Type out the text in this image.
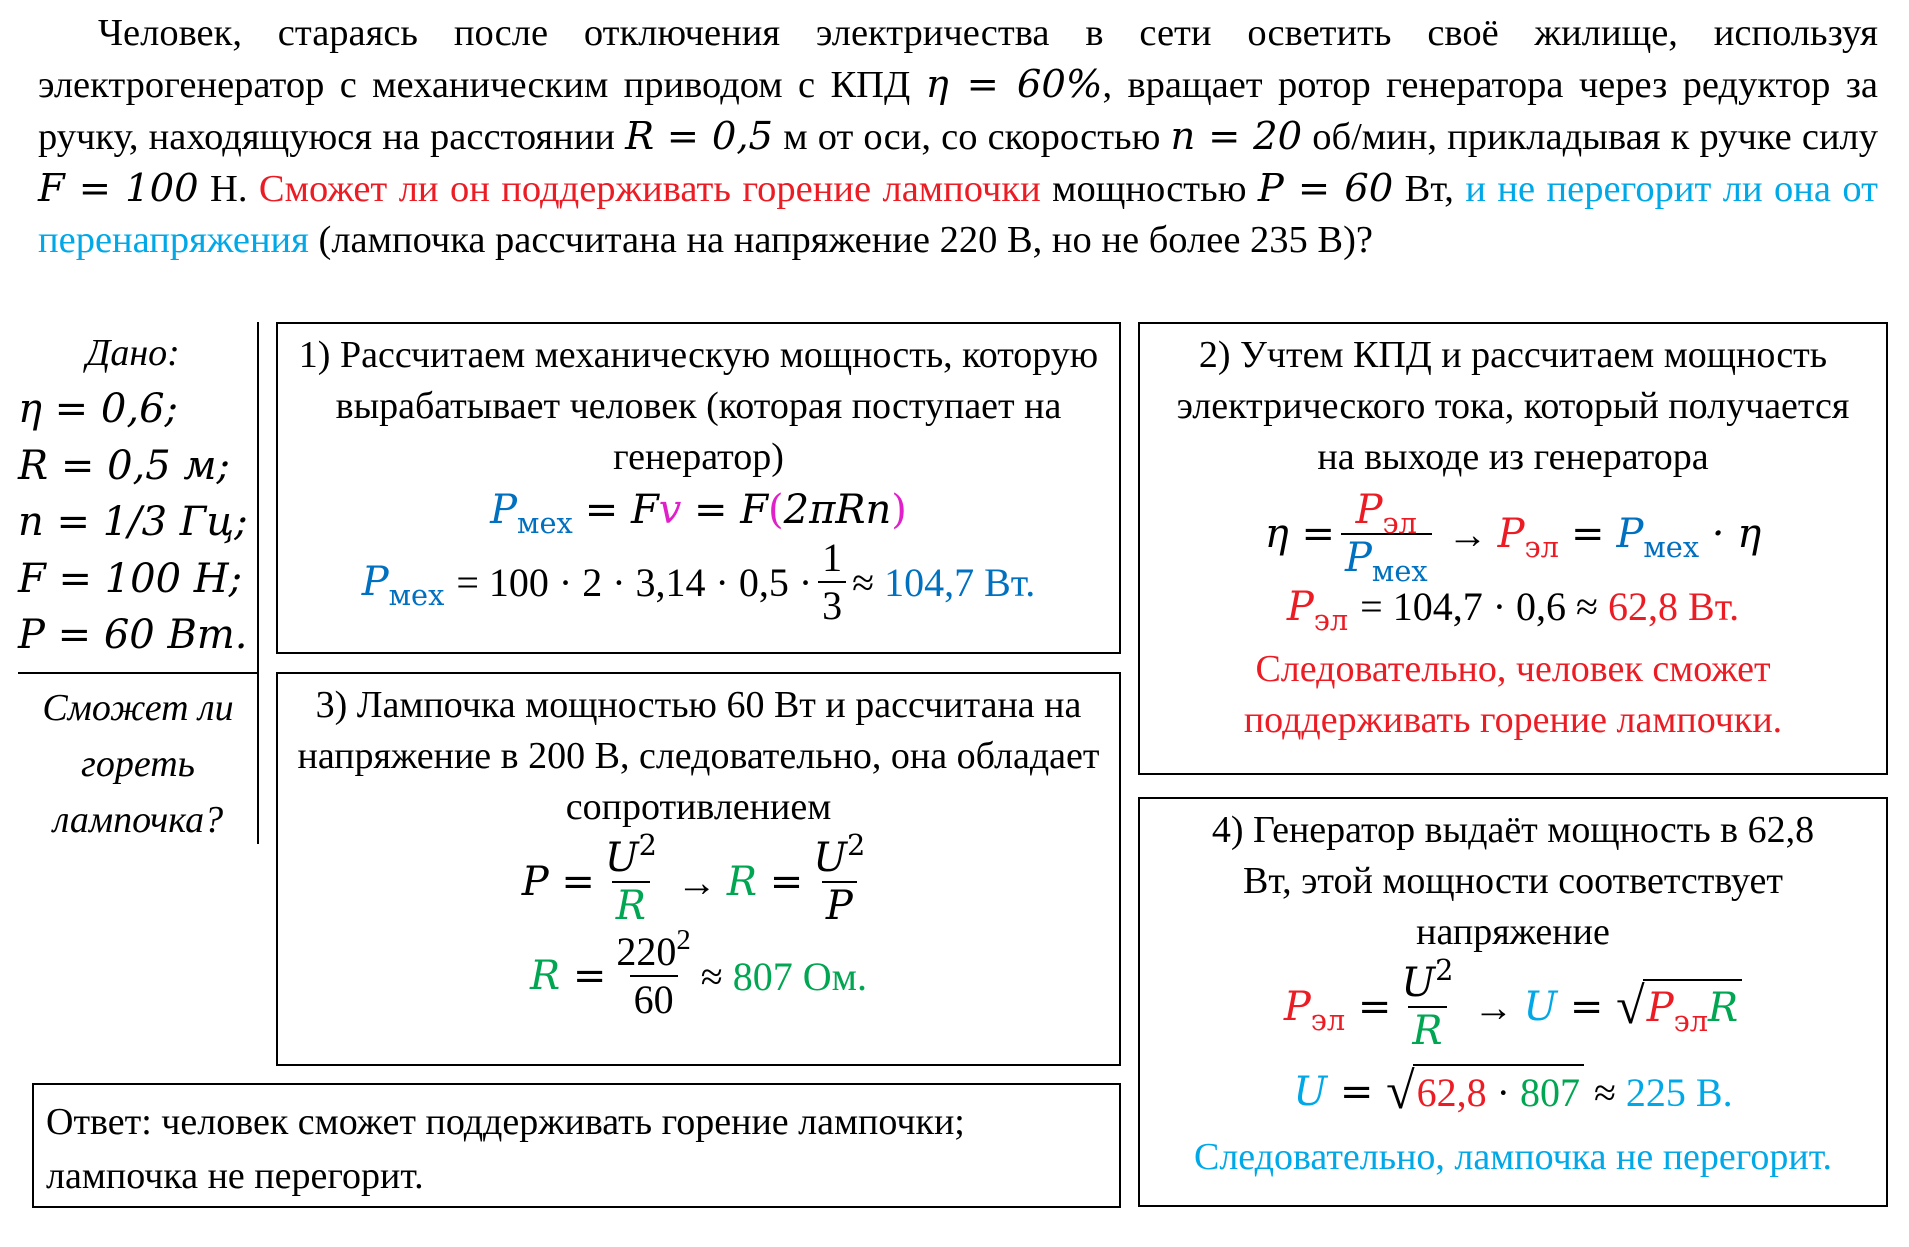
Человек, стараясь после отключения электричества в сети осветить своё жилище, используя электрогенератор с механическим приводом с КПД η = 60%, вращает ротор генератора через редуктор за ручку, находящуюся на расстоянии R = 0,5 м от оси, со скоростью n = 20 об/мин, прикладывая к ручке силу F = 100 Н. Сможет ли он поддерживать горение лампочки мощностью P = 60 Вт, и не перегорит ли она от перенапряжения (лампочка рассчитана на напряжение 220 В, но не более 235 В)?
Дано:
η = 0,6;
R = 0,5 м;
n = 1/3 Гц;
F = 100 Н;
P = 60 Вт.
Сможет ли
гореть
лампочка?
1) Рассчитаем механическую мощность, которую вырабатывает человек (которая поступает на генератор)
$P_{мех} = Fv = F(2\pi Rn)$
$P_{мех} = 100 \cdot 2 \cdot 3,14 \cdot 0,5 \cdot \frac{1}{3} \approx 104,7$ Вт.
2) Учтем КПД и рассчитаем мощность электрического тока, который получается на выходе из генератора
$\eta = \frac{P_{эл}}{P_{мех}} \to P_{эл} = P_{мех} \cdot \eta$
$P_{эл} = 104,7 \cdot 0,6$ ≈
62,8 Вт.
Следовательно, человек сможет поддерживать горение лампочки.
3) Лампочка мощностью 60 Вт и рассчитана на напряжение в 200 В, следовательно, она обладает сопротивлением
$P = \frac{U^2}{R} \to R = \frac{U^2}{P}$
$R = \frac{220^2}{60} \approx 807$ Ом.
4) Генератор выдаёт мощность в 62,8 Вт, этой мощности соответствует напряжение
$P_{эл} = \frac{U^2}{R} \to U$ = √ $P_{эл}R$
U = √ 62,8 · 807 ≈ 225 В.
Следовательно, лампочка не перегорит.
Ответ: человек сможет поддерживать горение лампочки; лампочка не перегорит.
